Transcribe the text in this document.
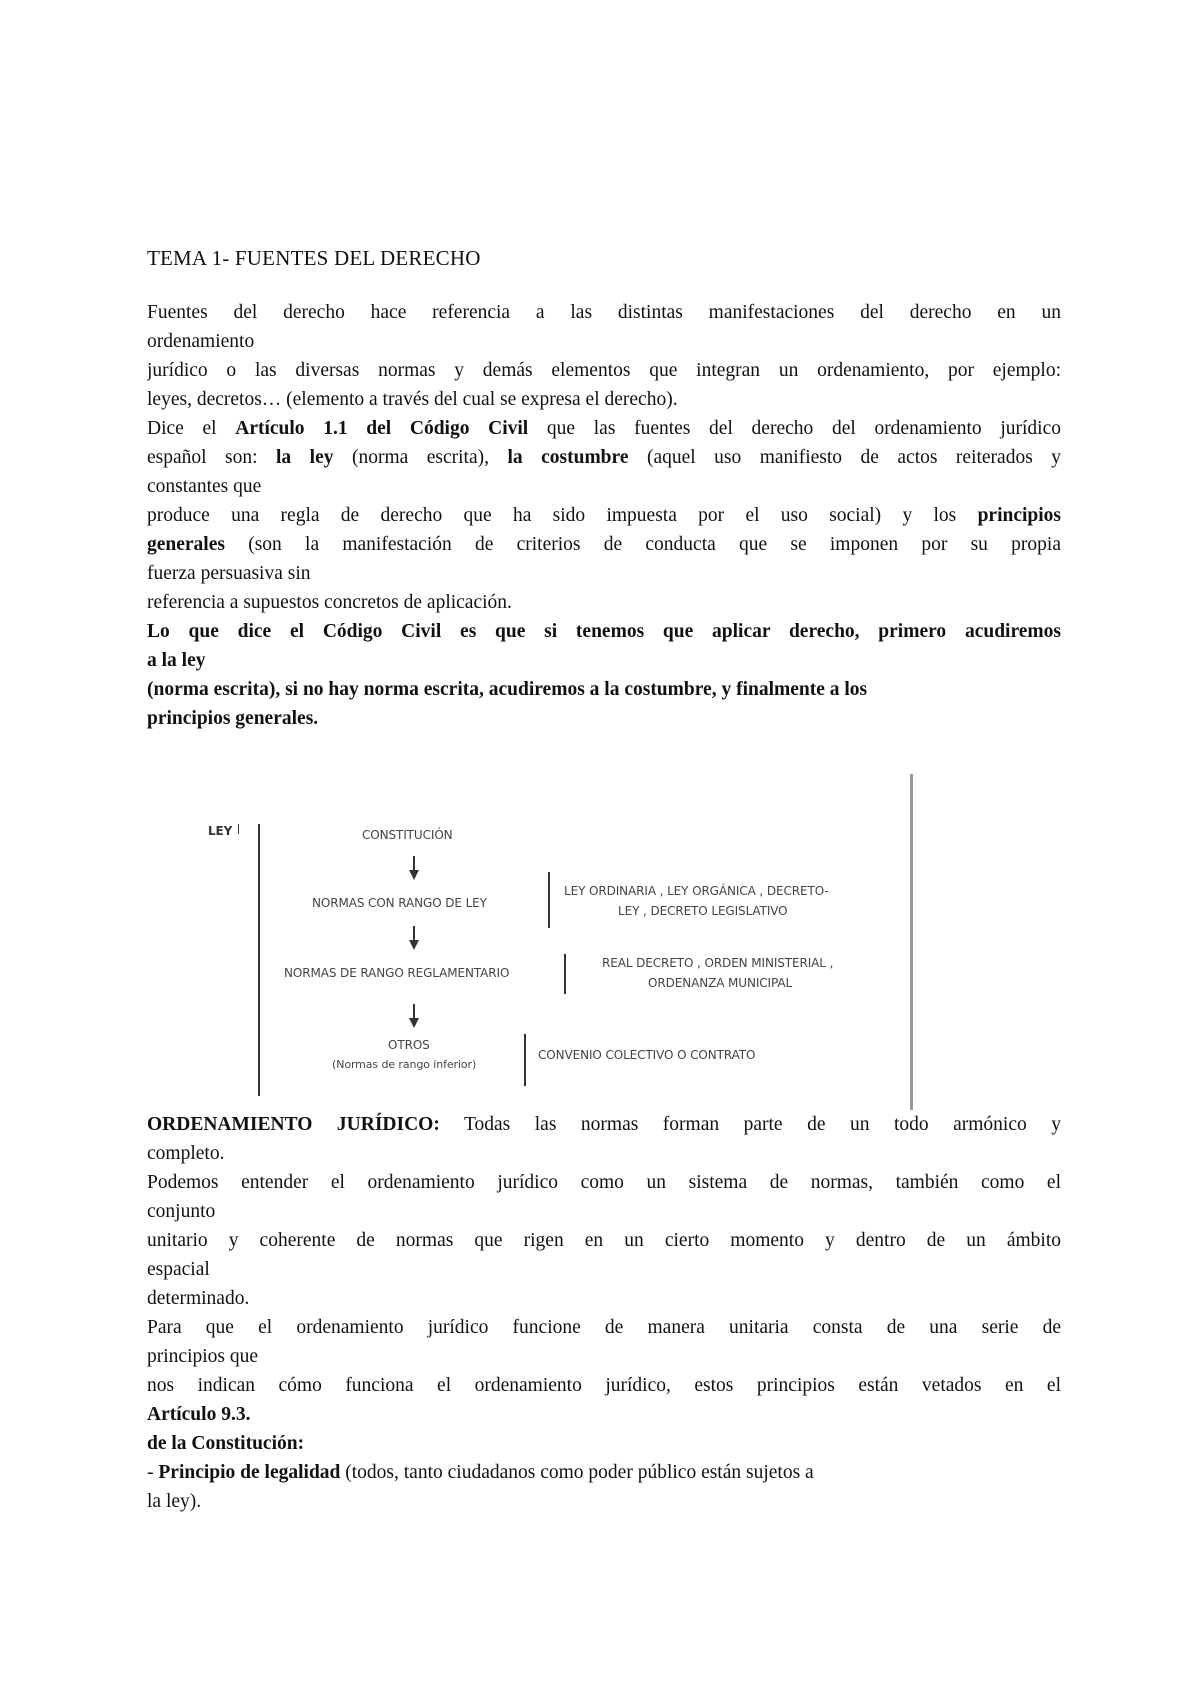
TEMA 1- FUENTES DEL DERECHO
Fuentes del derecho hace referencia a las distintas manifestaciones del derecho en un
ordenamiento
jurídico o las diversas normas y demás elementos que integran un ordenamiento, por ejemplo:
leyes, decretos… (elemento a través del cual se expresa el derecho).
Dice el Artículo 1.1 del Código Civil que las fuentes del derecho del ordenamiento jurídico
español son: la ley (norma escrita), la costumbre (aquel uso manifiesto de actos reiterados y
constantes que
produce una regla de derecho que ha sido impuesta por el uso social) y los principios
generales (son la manifestación de criterios de conducta que se imponen por su propia
fuerza persuasiva sin
referencia a supuestos concretos de aplicación.
Lo que dice el Código Civil es que si tenemos que aplicar derecho, primero acudiremos
a la ley
(norma escrita), si no hay norma escrita, acudiremos a la costumbre, y finalmente a los
principios generales.
LEY	CONSTITUCIÓN
NORMAS CON RANGO DE LEY
LEY ORDINARIA , LEY ORGÁNICA , DECRETO-
LEY , DECRETO LEGISLATIVO
NORMAS DE RANGO REGLAMENTARIO
REAL DECRETO , ORDEN MINISTERIAL ,
ORDENANZA MUNICIPAL
OTROS
(Normas de rango inferior)
CONVENIO COLECTIVO O CONTRATO
ORDENAMIENTO JURÍDICO: Todas las normas forman parte de un todo armónico y
completo.
Podemos entender el ordenamiento jurídico como un sistema de normas, también como el
conjunto
unitario y coherente de normas que rigen en un cierto momento y dentro de un ámbito
espacial
determinado.
Para que el ordenamiento jurídico funcione de manera unitaria consta de una serie de
principios que
nos indican cómo funciona el ordenamiento jurídico, estos principios están vetados en el
Artículo 9.3.
de la Constitución:
- Principio de legalidad (todos, tanto ciudadanos como poder público están sujetos a
la ley).
